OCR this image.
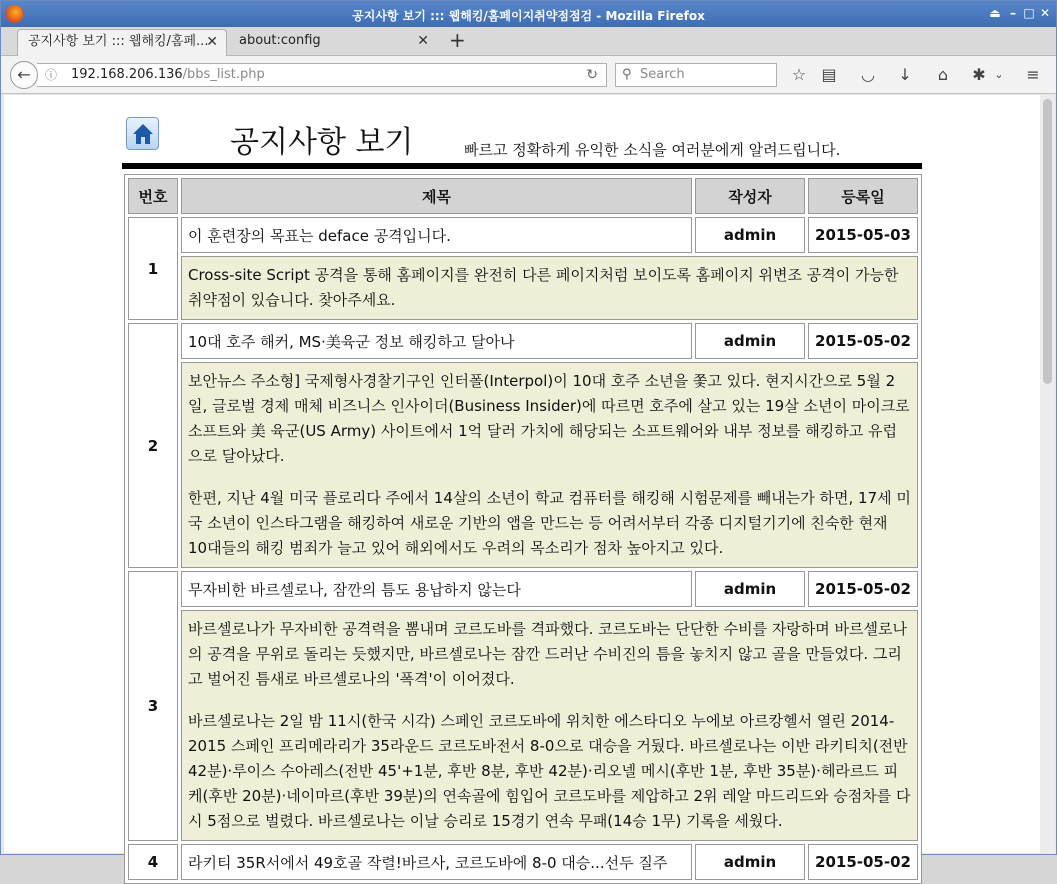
공지사항 보기 ::: 웹해킹/홈페이지취약점점검 - Mozilla Firefox	⏏ – □ ✕
공지사항 보기 ::: 웹해킹/홈페...
✕	about:config	✕ +
ⓘ 192.168.206.136/bbs_list.php	↻
←	⚲ Search	☆ ▤ ◡ ↓	⌂	✱ ⌄	≡
공지사항 보기	빠르고 정확하게 유익한 소식을 여러분에게 알려드립니다.
번호	제목	작성자	등록일
1	이 훈련장의 목표는 deface 공격입니다.	admin	2015-05-03

	Cross-site Script 공격을 통해 홈페이지를 완전히 다른 페이지처럼 보이도록 홈페이지 위변조 공격이 가능한 취약점이 있습니다. 찾아주세요.		

2	10대 호주 해커, MS·美육군 정보 해킹하고 달아나	admin	2015-05-02

	보안뉴스 주소형] 국제형사경찰기구인 인터폴(Interpol)이 10대 호주 소년을 쫓고 있다. 현지시간으로 5월 2일, 글로벌 경제 매체 비즈니스 인사이더(Business Insider)에 따르면 호주에 살고 있는 19살 소년이 마이크로소프트와 美 육군(US Army) 사이트에서 1억 달러 가치에 해당되는 소프트웨어와 내부 정보를 해킹하고 유럽으로 달아났다.

한편, 지난 4월 미국 플로리다 주에서 14살의 소년이 학교 컴퓨터를 해킹해 시험문제를 빼내는가 하면, 17세 미국 소년이 인스타그램을 해킹하여 새로운 기반의 앱을 만드는 등 어려서부터 각종 디지털기기에 친숙한 현재 10대들의 해킹 범죄가 늘고 있어 해외에서도 우려의 목소리가 점차 높아지고 있다.		

3	무자비한 바르셀로나, 잠깐의 틈도 용납하지 않는다	admin	2015-05-02

	바르셀로나가 무자비한 공격력을 뽐내며 코르도바를 격파했다. 코르도바는 단단한 수비를 자랑하며 바르셀로나의 공격을 무위로 돌리는 듯했지만, 바르셀로나는 잠깐 드러난 수비진의 틈을 놓치지 않고 골을 만들었다. 그리고 벌어진 틈새로 바르셀로나의 '폭격'이 이어졌다.

바르셀로나는 2일 밤 11시(한국 시각) 스페인 코르도바에 위치한 에스타디오 누에보 아르캉헬서 열린 2014-2015 스페인 프리메라리가 35라운드 코르도바전서 8-0으로 대승을 거뒀다. 바르셀로나는 이반 라키티치(전반 42분)·루이스 수아레스(전반 45'+1분, 후반 8분, 후반 42분)·리오넬 메시(후반 1분, 후반 35분)·헤라르드 피케(후반 20분)·네이마르(후반 39분)의 연속골에 힘입어 코르도바를 제압하고 2위 레알 마드리드와 승점차를 다시 5점으로 벌렸다. 바르셀로나는 이날 승리로 15경기 연속 무패(14승 1무) 기록을 세웠다.		

4	라키티 35R서에서 49호골 작렬!바르사, 코르도바에 8-0 대승...선두 질주	admin	2015-05-02
